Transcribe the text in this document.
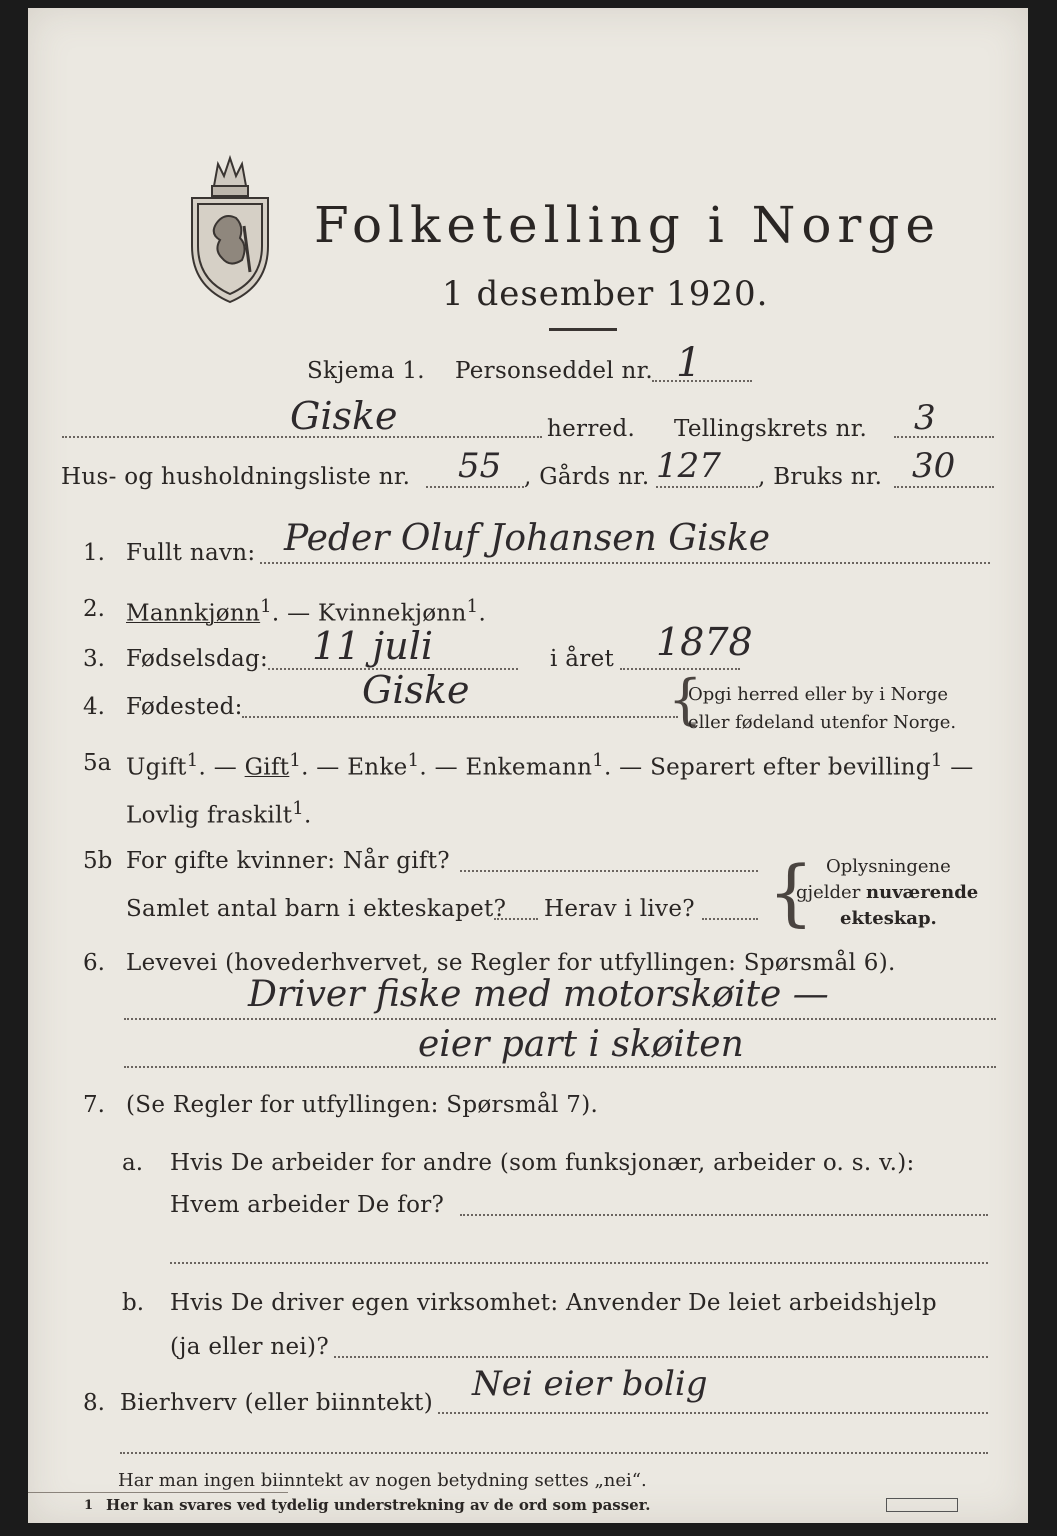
Folketelling i Norge
1 desember 1920.
Skjema 1. Personseddel nr. 1
Giske	herred. Tellingskrets nr. 3
Hus- og husholdningsliste nr. 55 , Gårds nr. 127 , Bruks nr. 30
1. Fullt navn: Peder Oluf Johansen Giske
2. Mannkjønn$^1$. — Kvinnekjønn$^1$.
3. Fødselsdag: 11 juli	i året 1878
4. Fødested:	Giske	{
Opgi herred eller by i Norge
eller fødeland utenfor Norge.
5a Ugift$^1$. — Gift$^1$. — Enke$^1$. — Enkemann$^1$. — Separert efter bevilling$^1$ —
Lovlig fraskilt$^1$.
5b For gifte kvinner: Når gift?
Samlet antal barn i ekteskapet? Herav i live? { Oplysningene
gjelder nuværende
ekteskap.
6. Levevei (hovederhvervet, se Regler for utfyllingen: Spørsmål 6).
Driver fiske med motorskøite —
eier part i skøiten
7. (Se Regler for utfyllingen: Spørsmål 7).
a. Hvis De arbeider for andre (som funksjonær, arbeider o. s. v.):
Hvem arbeider De for?
b. Hvis De driver egen virksomhet: Anvender De leiet arbeidshjelp
(ja eller nei)?
8. Bierhverv (eller biinntekt) Nei eier bolig
Har man ingen biinntekt av nogen betydning settes „nei“.
1 Her kan svares ved tydelig understrekning av de ord som passer.
